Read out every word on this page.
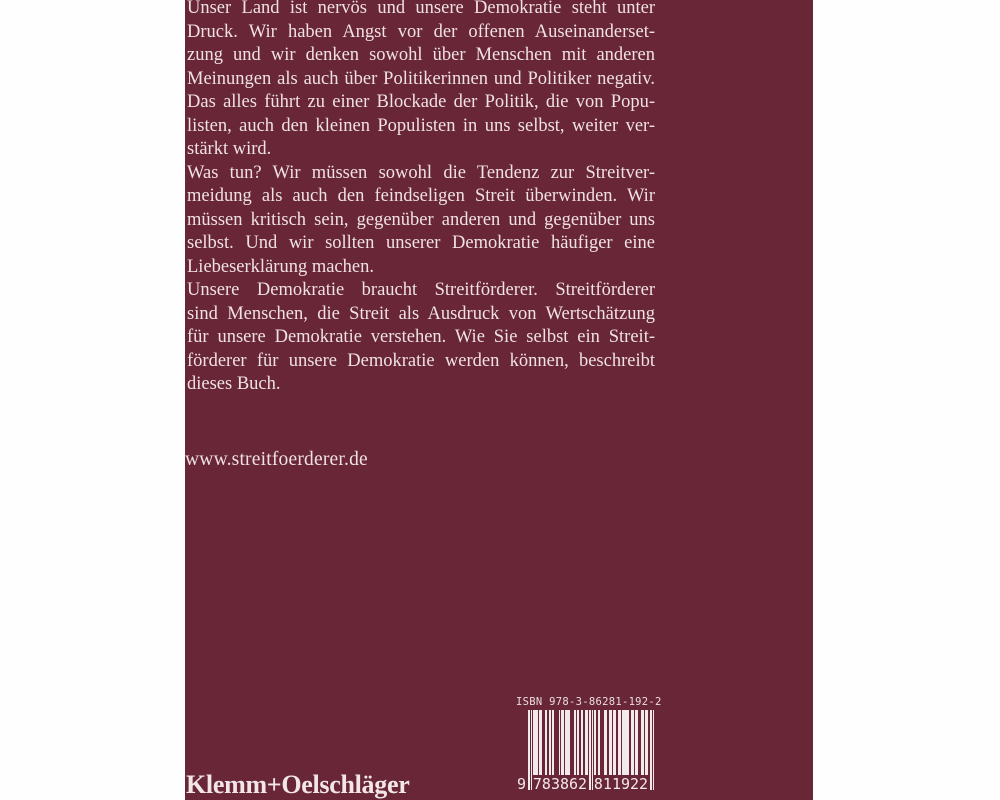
Unser Land ist nervös und unsere Demokratie steht unter
Druck. Wir haben Angst vor der offenen Auseinanderset-
zung und wir denken sowohl über Menschen mit anderen
Meinungen als auch über Politikerinnen und Politiker negativ.
Das alles führt zu einer Blockade der Politik, die von Popu-
listen, auch den kleinen Populisten in uns selbst, weiter ver-
stärkt wird.
Was tun? Wir müssen sowohl die Tendenz zur Streitver-
meidung als auch den feindseligen Streit überwinden. Wir
müssen kritisch sein, gegenüber anderen und gegenüber uns
selbst. Und wir sollten unserer Demokratie häufiger eine
Liebeserklärung machen.
Unsere Demokratie braucht Streitförderer. Streitförderer
sind Menschen, die Streit als Ausdruck von Wertschätzung
für unsere Demokratie verstehen. Wie Sie selbst ein Streit-
förderer für unsere Demokratie werden können, beschreibt
dieses Buch.
www.streitfoerderer.de
ISBN 978-3-86281-192-2
9 783862 811922
Klemm+Oelschläger
